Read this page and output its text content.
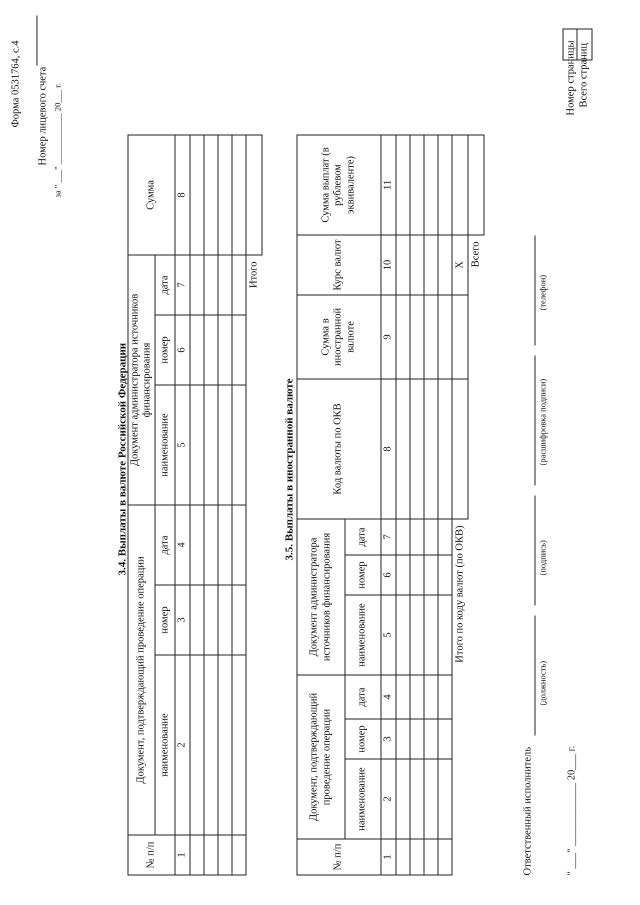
Форма 0531764, с.4 Номер лицевого счета за " ___" ____________ 20___ г.
3.4. Выплаты в валюте Российской Федерации
№ п/п	Документ, подтверждающий проведение операции			Документ администратора источников финансирования			Сумма
	наименование	номер	дата	наименование	номер	дата	
1	2	3	4	5	6	7	8

Итого							
3.5. Выплаты в иностранной валюте
№ п/п	Документ, подтверждающий проведение операции			Документ администратора источников финансирования			Код валюты по ОКВ	Сумма в иностранной валюте	Курс валют	Сумма выплат (в рублевом эквиваленте)
	наименование	номер	дата	наименование	номер	дата				
1	2	3	4	5	6	7	8	9	10	11

Итого по коду валют (по ОКВ)									X	
Всего										
Номер страницы Всего страниц
Ответственный исполнитель
(должность)
(подпись)
(расшифровка подписи)
(телефон)
" ___" ____________ 20___ г.
